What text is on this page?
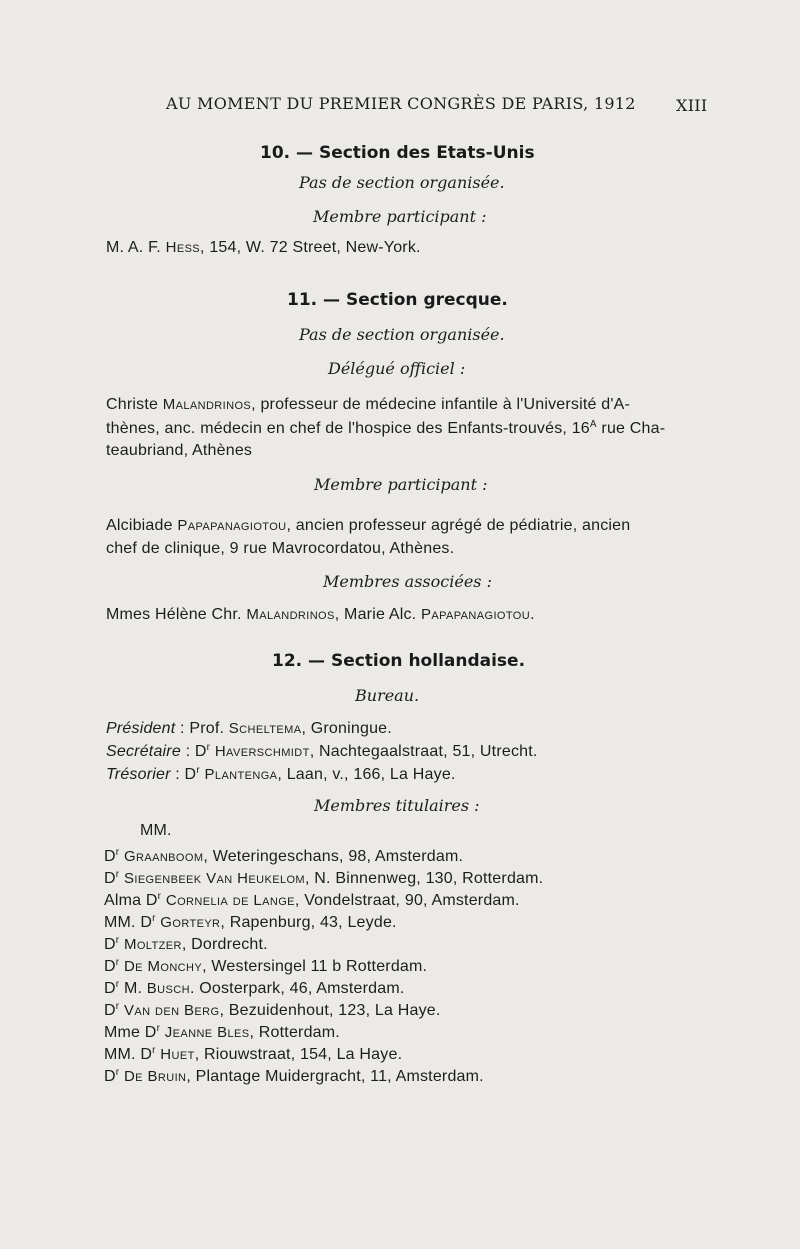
AU MOMENT DU PREMIER CONGRÈS DE PARIS, 1912	XIII
10. — Section des Etats-Unis
Pas de section organisée.
Membre participant :
M. A. F. Hess, 154, W. 72 Street, New-York.
11. — Section grecque.
Pas de section organisée.
Délégué officiel :
Christe Malandrinos, professeur de médecine infantile à l'Université d'A-
thènes, anc. médecin en chef de l'hospice des Enfants-trouvés, $16^A$ rue Cha-
teaubriand, Athènes
Membre participant :
Alcibiade Papapanagiotou, ancien professeur agrégé de pédiatrie, ancien
chef de clinique, 9 rue Mavrocordatou, Athènes.
Membres associées :
Mmes Hélène Chr. Malandrinos, Marie Alc. Papapanagiotou.
12. — Section hollandaise.
Bureau.
Président : Prof. Scheltema, Groningue.
Secrétaire : $D^r$ Haverschmidt, Nachtegaalstraat, 51, Utrecht.
Trésorier : $D^r$ Plantenga, Laan, v., 166, La Haye.
Membres titulaires :
MM.
$D^r$ Graanboom, Weteringeschans, 98, Amsterdam.
$D^r$ Siegenbeek Van Heukelom, N. Binnenweg, 130, Rotterdam.
Alma $D^r$ Cornelia de Lange, Vondelstraat, 90, Amsterdam.
MM. $D^r$ Gorteyr, Rapenburg, 43, Leyde.
$D^r$ Moltzer, Dordrecht.
$D^r$ De Monchy, Westersingel 11 b Rotterdam.
$D^r$ M. Busch. Oosterpark, 46, Amsterdam.
$D^r$ Van den Berg, Bezuidenhout, 123, La Haye.
Mme $D^r$ Jeanne Bles, Rotterdam.
MM. $D^r$ Huet, Riouwstraat, 154, La Haye.
$D^r$ De Bruin, Plantage Muidergracht, 11, Amsterdam.
